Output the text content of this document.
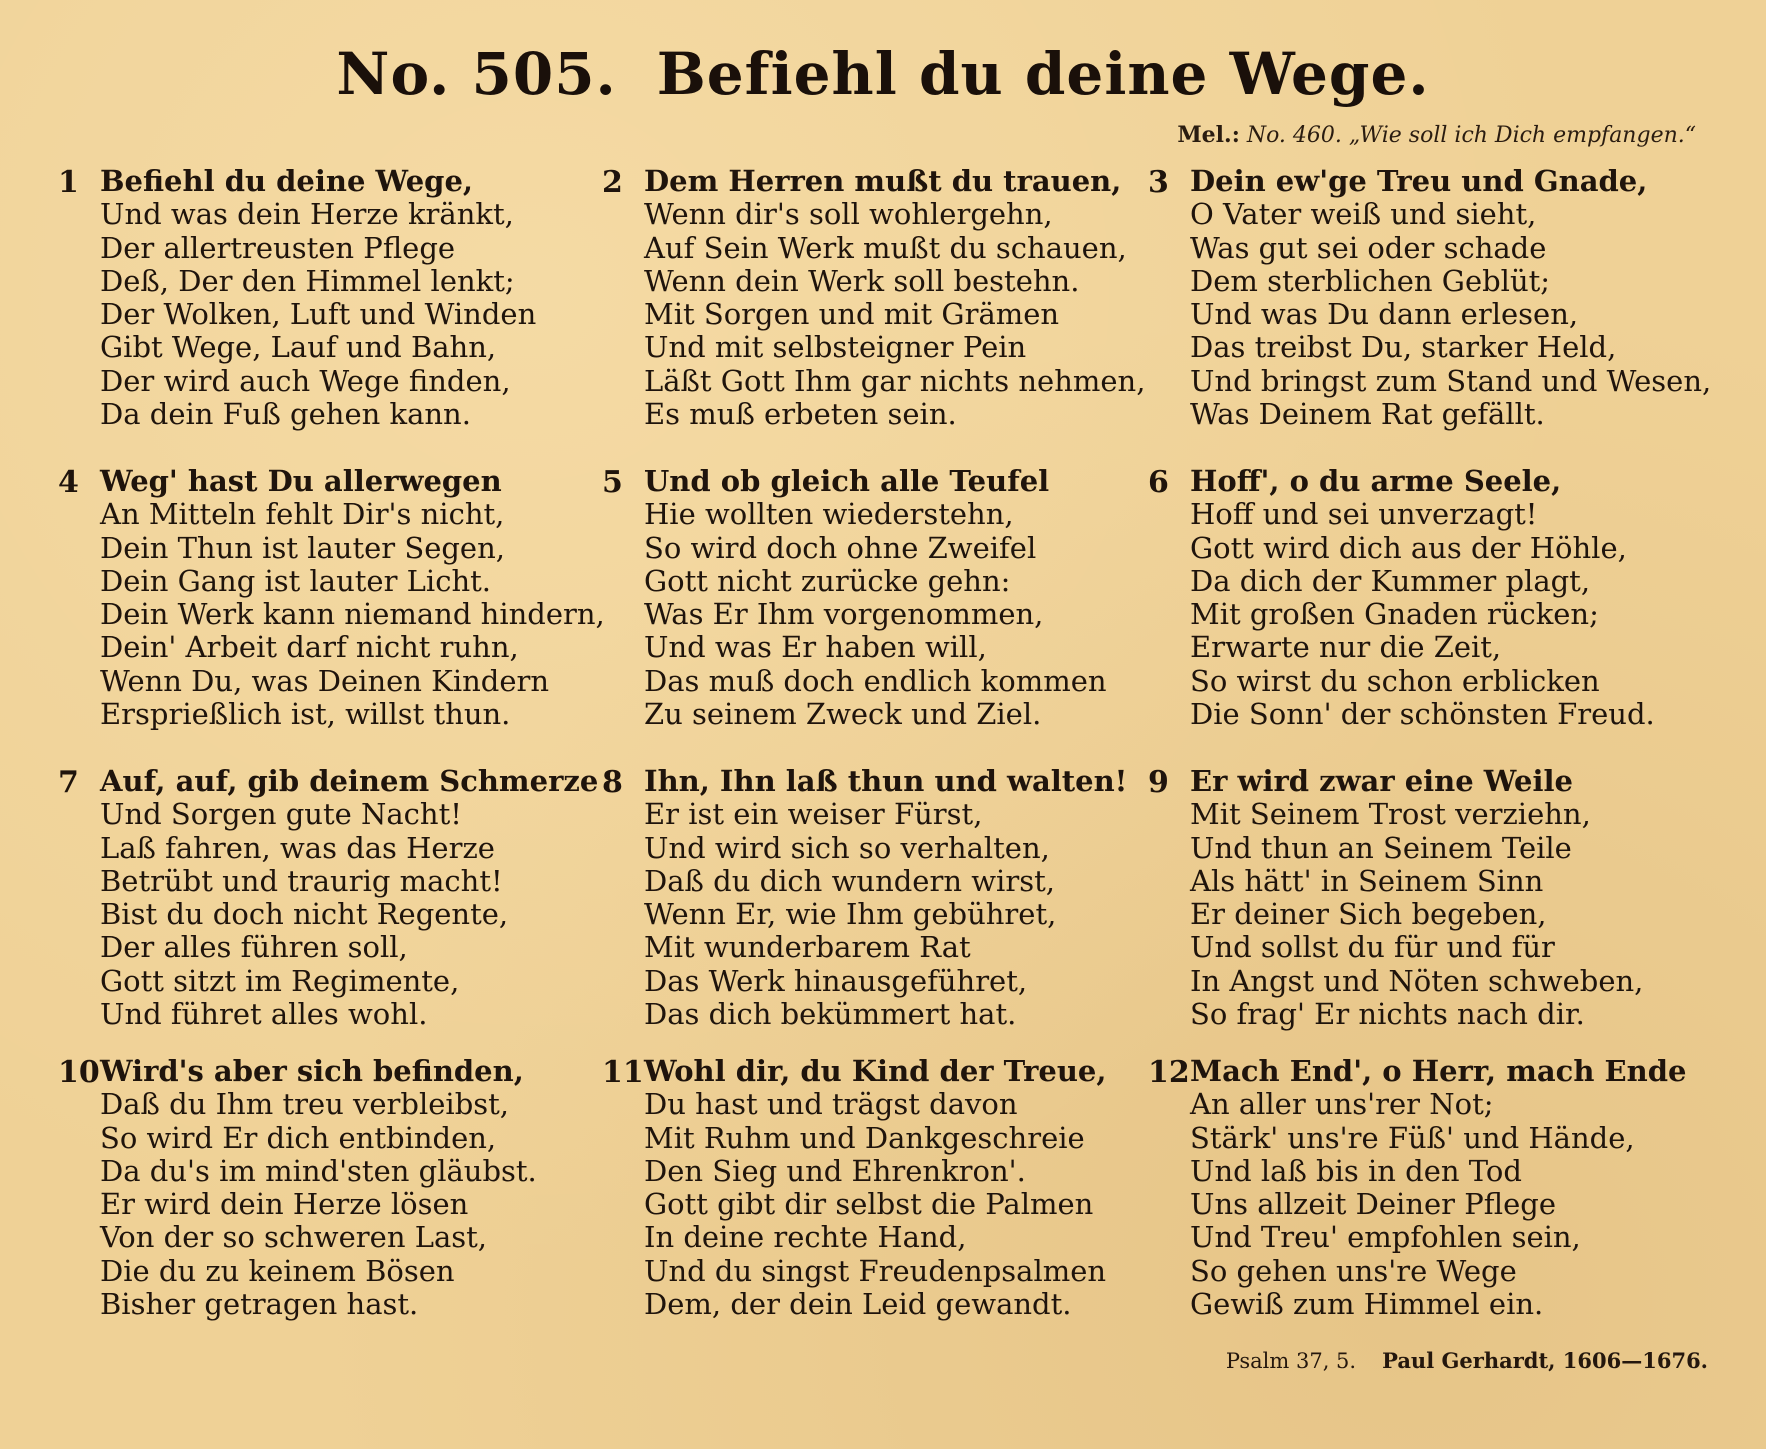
No. 505. Befiehl du deine Wege.
Mel.: No. 460. „Wie soll ich Dich empfangen.“
1 Befiehl du deine Wege,
Und was dein Herze kränkt,
Der allertreusten Pflege
Deß, Der den Himmel lenkt;
Der Wolken, Luft und Winden
Gibt Wege, Lauf und Bahn,
Der wird auch Wege finden,
Da dein Fuß gehen kann.
2 Dem Herren mußt du trauen,
Wenn dir's soll wohlergehn,
Auf Sein Werk mußt du schauen,
Wenn dein Werk soll bestehn.
Mit Sorgen und mit Grämen
Und mit selbsteigner Pein
Läßt Gott Ihm gar nichts nehmen,
Es muß erbeten sein.
3 Dein ew'ge Treu und Gnade,
O Vater weiß und sieht,
Was gut sei oder schade
Dem sterblichen Geblüt;
Und was Du dann erlesen,
Das treibst Du, starker Held,
Und bringst zum Stand und Wesen,
Was Deinem Rat gefällt.
4 Weg' hast Du allerwegen
An Mitteln fehlt Dir's nicht,
Dein Thun ist lauter Segen,
Dein Gang ist lauter Licht.
Dein Werk kann niemand hindern,
Dein' Arbeit darf nicht ruhn,
Wenn Du, was Deinen Kindern
Ersprießlich ist, willst thun.
5 Und ob gleich alle Teufel
Hie wollten wiederstehn,
So wird doch ohne Zweifel
Gott nicht zurücke gehn:
Was Er Ihm vorgenommen,
Und was Er haben will,
Das muß doch endlich kommen
Zu seinem Zweck und Ziel.
6 Hoff', o du arme Seele,
Hoff und sei unverzagt!
Gott wird dich aus der Höhle,
Da dich der Kummer plagt,
Mit großen Gnaden rücken;
Erwarte nur die Zeit,
So wirst du schon erblicken
Die Sonn' der schönsten Freud.
7 Auf, auf, gib deinem Schmerze
Und Sorgen gute Nacht!
Laß fahren, was das Herze
Betrübt und traurig macht!
Bist du doch nicht Regente,
Der alles führen soll,
Gott sitzt im Regimente,
Und führet alles wohl.
8 Ihn, Ihn laß thun und walten!
Er ist ein weiser Fürst,
Und wird sich so verhalten,
Daß du dich wundern wirst,
Wenn Er, wie Ihm gebühret,
Mit wunderbarem Rat
Das Werk hinausgeführet,
Das dich bekümmert hat.
9 Er wird zwar eine Weile
Mit Seinem Trost verziehn,
Und thun an Seinem Teile
Als hätt' in Seinem Sinn
Er deiner Sich begeben,
Und sollst du für und für
In Angst und Nöten schweben,
So frag' Er nichts nach dir.
10 Wird's aber sich befinden,
Daß du Ihm treu verbleibst,
So wird Er dich entbinden,
Da du's im mind'sten gläubst.
Er wird dein Herze lösen
Von der so schweren Last,
Die du zu keinem Bösen
Bisher getragen hast.
11 Wohl dir, du Kind der Treue,
Du hast und trägst davon
Mit Ruhm und Dankgeschreie
Den Sieg und Ehrenkron'.
Gott gibt dir selbst die Palmen
In deine rechte Hand,
Und du singst Freudenpsalmen
Dem, der dein Leid gewandt.
12 Mach End', o Herr, mach Ende
An aller uns'rer Not;
Stärk' uns're Füß' und Hände,
Und laß bis in den Tod
Uns allzeit Deiner Pflege
Und Treu' empfohlen sein,
So gehen uns're Wege
Gewiß zum Himmel ein.
Psalm 37, 5. Paul Gerhardt, 1606—1676.
